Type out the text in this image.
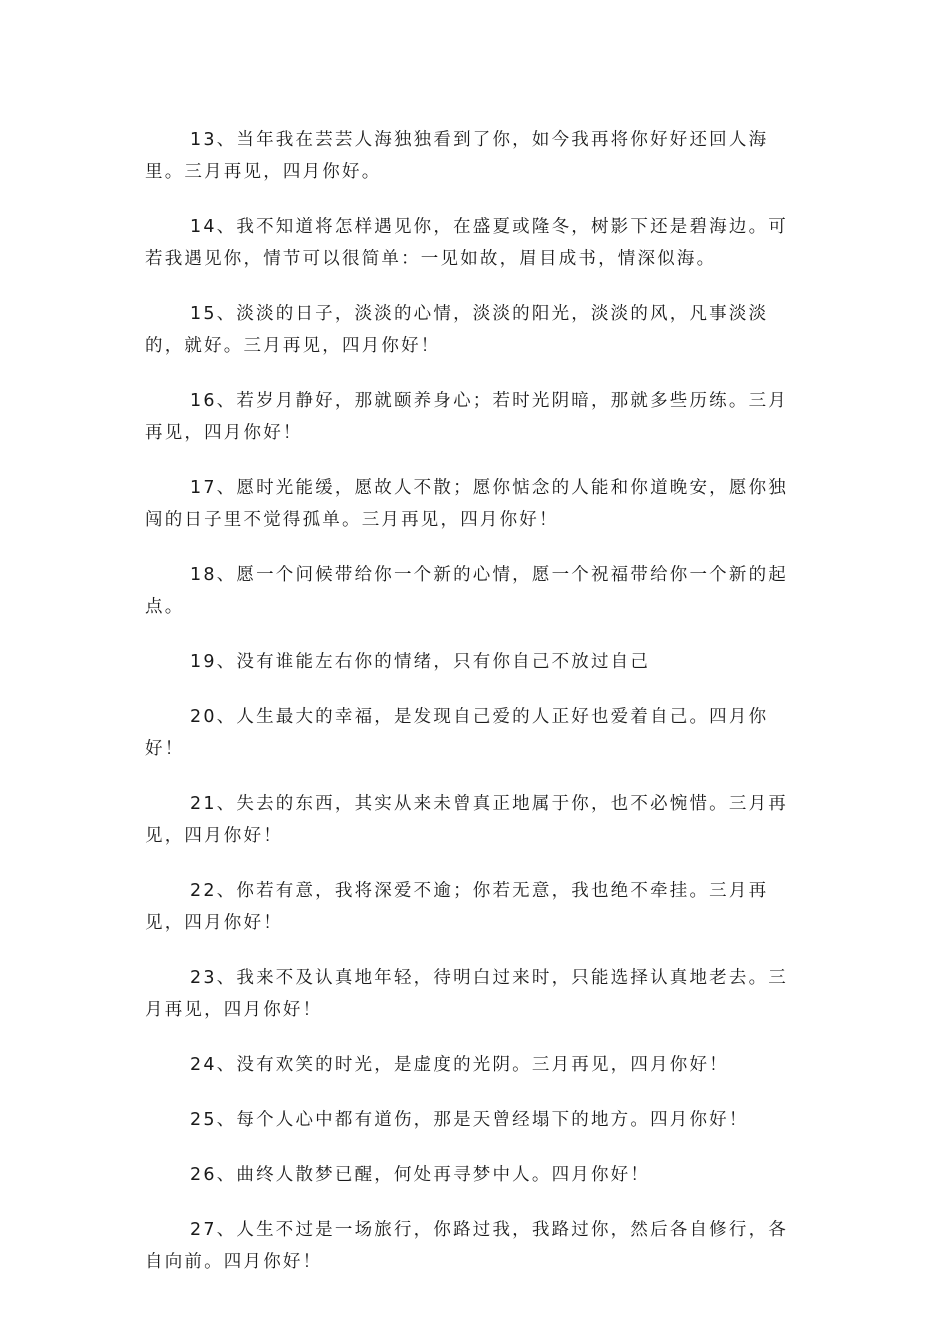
13、当年我在芸芸人海独独看到了你，如今我再将你好好还回人海里。三月再见，四月你好。

14、我不知道将怎样遇见你，在盛夏或隆冬，树影下还是碧海边。可若我遇见你，情节可以很简单：一见如故，眉目成书，情深似海。

15、淡淡的日子，淡淡的心情，淡淡的阳光，淡淡的风，凡事淡淡的，就好。三月再见，四月你好！

16、若岁月静好，那就颐养身心；若时光阴暗，那就多些历练。三月再见，四月你好！

17、愿时光能缓，愿故人不散；愿你惦念的人能和你道晚安，愿你独闯的日子里不觉得孤单。三月再见，四月你好！

18、愿一个问候带给你一个新的心情，愿一个祝福带给你一个新的起点。

19、没有谁能左右你的情绪，只有你自己不放过自己

20、人生最大的幸福，是发现自己爱的人正好也爱着自己。四月你好！

21、失去的东西，其实从来未曾真正地属于你，也不必惋惜。三月再见，四月你好！

22、你若有意，我将深爱不逾；你若无意，我也绝不牵挂。三月再见，四月你好！

23、我来不及认真地年轻，待明白过来时，只能选择认真地老去。三月再见，四月你好！

24、没有欢笑的时光，是虚度的光阴。三月再见，四月你好！

25、每个人心中都有道伤，那是天曾经塌下的地方。四月你好！

26、曲终人散梦已醒，何处再寻梦中人。四月你好！

27、人生不过是一场旅行，你路过我，我路过你，然后各自修行，各自向前。四月你好！
